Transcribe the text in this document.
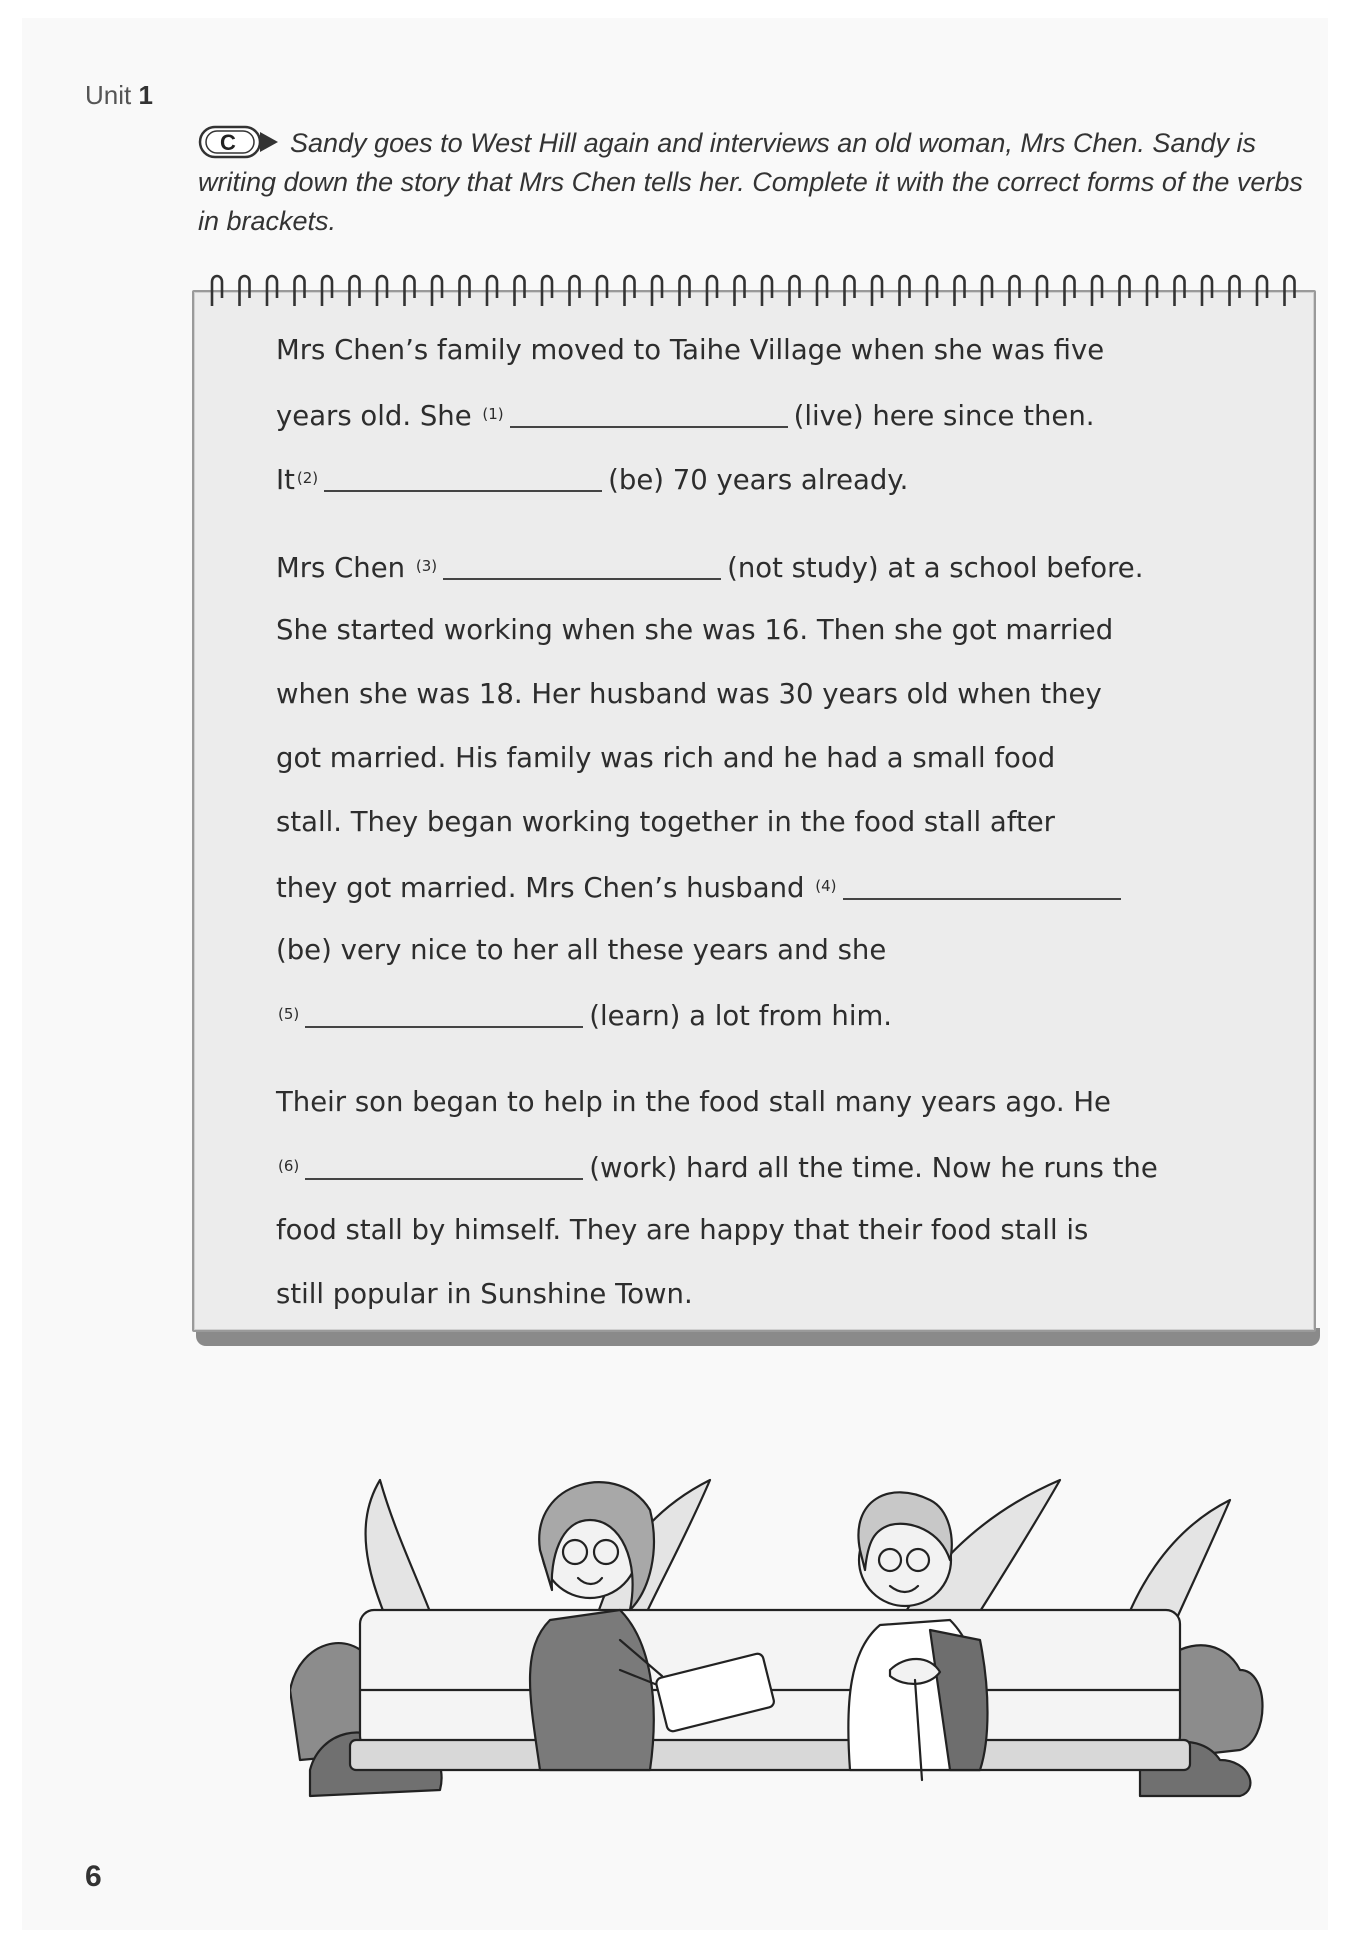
Unit 1
C Sandy goes to West Hill again and interviews an old woman, Mrs Chen. Sandy is writing down the story that Mrs Chen tells her. Complete it with the correct forms of the verbs in brackets.
Mrs Chen’s family moved to Taihe Village when she was five
years old. She $^{(1)}$	(live) here since then.
It $^{(2)}$	(be) 70 years already.
Mrs Chen $^{(3)}$	(not study) at a school before.
She started working when she was 16. Then she got married
when she was 18. Her husband was 30 years old when they
got married. His family was rich and he had a small food
stall. They began working together in the food stall after
they got married. Mrs Chen’s husband $^{(4)}$
(be) very nice to her all these years and she
$^{(5)}$	(learn) a lot from him.
Their son began to help in the food stall many years ago. He
$^{(6)}$	(work) hard all the time. Now he runs the
food stall by himself. They are happy that their food stall is
still popular in Sunshine Town.
6
